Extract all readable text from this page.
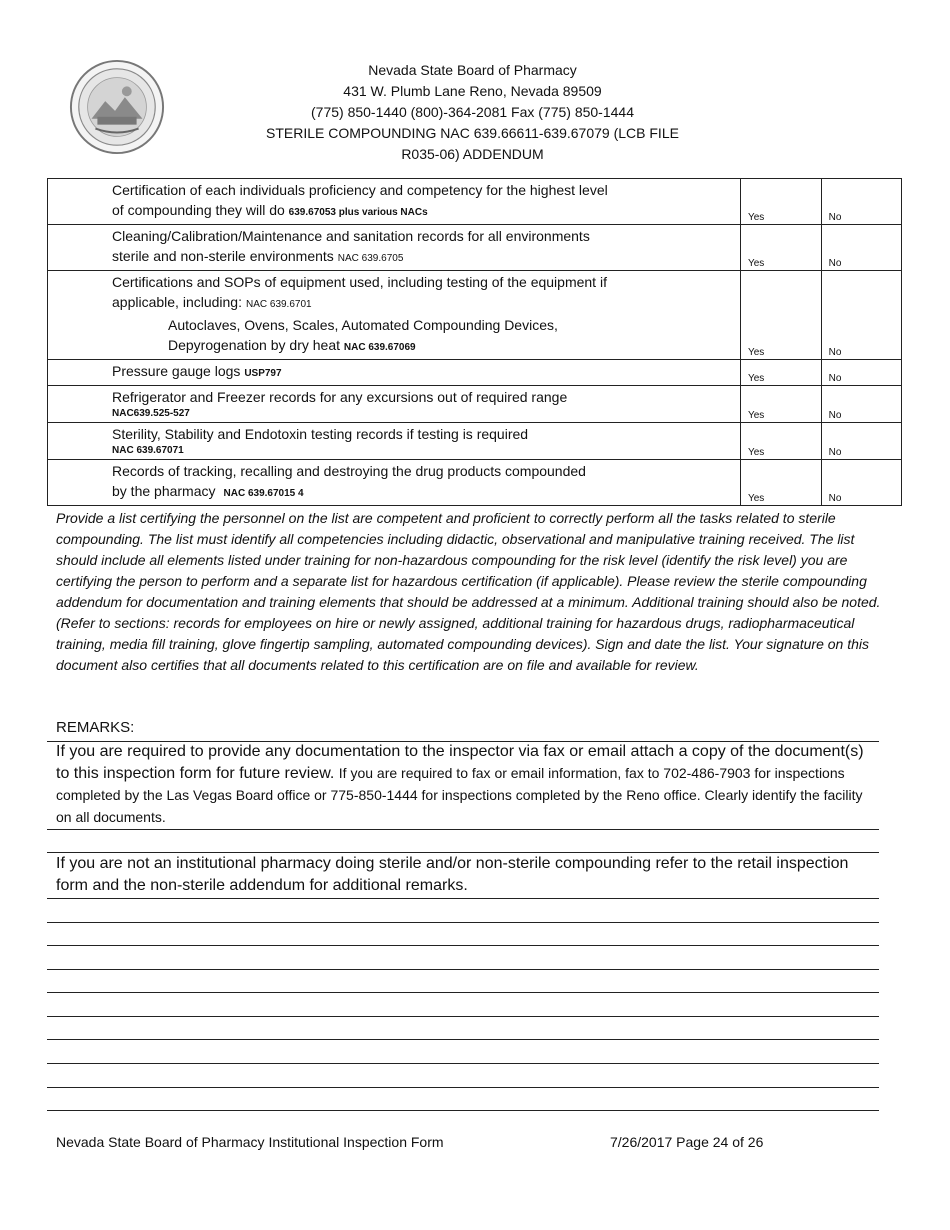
Nevada State Board of Pharmacy
431 W. Plumb Lane Reno, Nevada 89509
(775) 850-1440 (800)-364-2081 Fax (775) 850-1444
STERILE COMPOUNDING NAC 639.66611-639.67079 (LCB FILE
R035-06) ADDENDUM
Certification of each individuals proficiency and competency for the highest level
of compounding they will do 639.67053 plus various NACs	Yes	No
Cleaning/Calibration/Maintenance and sanitation records for all environments
sterile and non-sterile environments NAC 639.6705	Yes	No
Certifications and SOPs of equipment used, including testing of the equipment if
applicable, including: NAC 639.6701
Autoclaves, Ovens, Scales, Automated Compounding Devices,
Depyrogenation by dry heat NAC 639.67069	Yes	No
Pressure gauge logs USP797	Yes	No
Refrigerator and Freezer records for any excursions out of required range
NAC639.525-527	Yes	No
Sterility, Stability and Endotoxin testing records if testing is required
NAC 639.67071	Yes	No
Records of tracking, recalling and destroying the drug products compounded
by the pharmacy NAC 639.67015 4	Yes	No
Provide a list certifying the personnel on the list are competent and proficient to correctly perform all the tasks related to sterile compounding. The list must identify all competencies including didactic, observational and manipulative training received. The list should include all elements listed under training for non-hazardous compounding for the risk level (identify the risk level) you are certifying the person to perform and a separate list for hazardous certification (if applicable). Please review the sterile compounding addendum for documentation and training elements that should be addressed at a minimum. Additional training should also be noted. (Refer to sections: records for employees on hire or newly assigned, additional training for hazardous drugs, radiopharmaceutical training, media fill training, glove fingertip sampling, automated compounding devices). Sign and date the list. Your signature on this document also certifies that all documents related to this certification are on file and available for review.
REMARKS:
If you are required to provide any documentation to the inspector via fax or email attach a copy of the document(s) to this inspection form for future review. If you are required to fax or email information, fax to 702-486-7903 for inspections completed by the Las Vegas Board office or 775-850-1444 for inspections completed by the Reno office. Clearly identify the facility on all documents.
If you are not an institutional pharmacy doing sterile and/or non-sterile compounding refer to the retail inspection form and the non-sterile addendum for additional remarks.
Nevada State Board of Pharmacy Institutional Inspection Form	7/26/2017 Page 24 of 26
